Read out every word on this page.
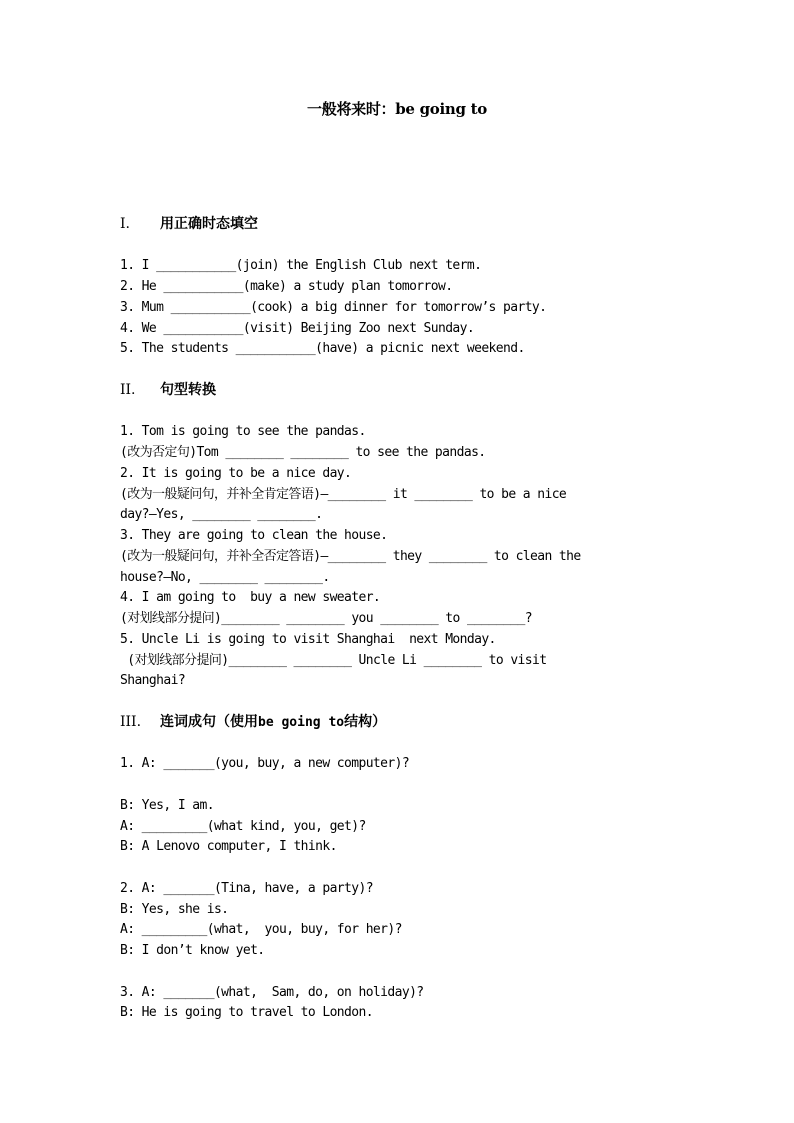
一般将来时：be going to
I. 用正确时态填空
1. I ___________(join) the English Club next term.
2. He ___________(make) a study plan tomorrow.
3. Mum ___________(cook) a big dinner for tomorrow’s party.
4. We ___________(visit) Beijing Zoo next Sunday.
5. The students ___________(have) a picnic next weekend.
II. 句型转换
1. Tom is going to see the pandas.
(改为否定句)Tom ________ ________ to see the pandas.
2. It is going to be a nice day.
(改为一般疑问句，并补全肯定答语)—________ it ________ to be a nice
day?—Yes, ________ ________.
3. They are going to clean the house.
(改为一般疑问句，并补全否定答语)—________ they ________ to clean the
house?—No, ________ ________.
4. I am going to  buy a new sweater.
(对划线部分提问)________ ________ you ________ to ________?
5. Uncle Li is going to visit Shanghai  next Monday.
(对划线部分提问)________ ________ Uncle Li ________ to visit
Shanghai?
III. 连词成句（使用be going to结构）
1. A: _______(you, buy, a new computer)?
B: Yes, I am.
A: _________(what kind, you, get)?
B: A Lenovo computer, I think.
2. A: _______(Tina, have, a party)?
B: Yes, she is.
A: _________(what,  you, buy, for her)?
B: I don’t know yet.
3. A: _______(what,  Sam, do, on holiday)?
B: He is going to travel to London.
